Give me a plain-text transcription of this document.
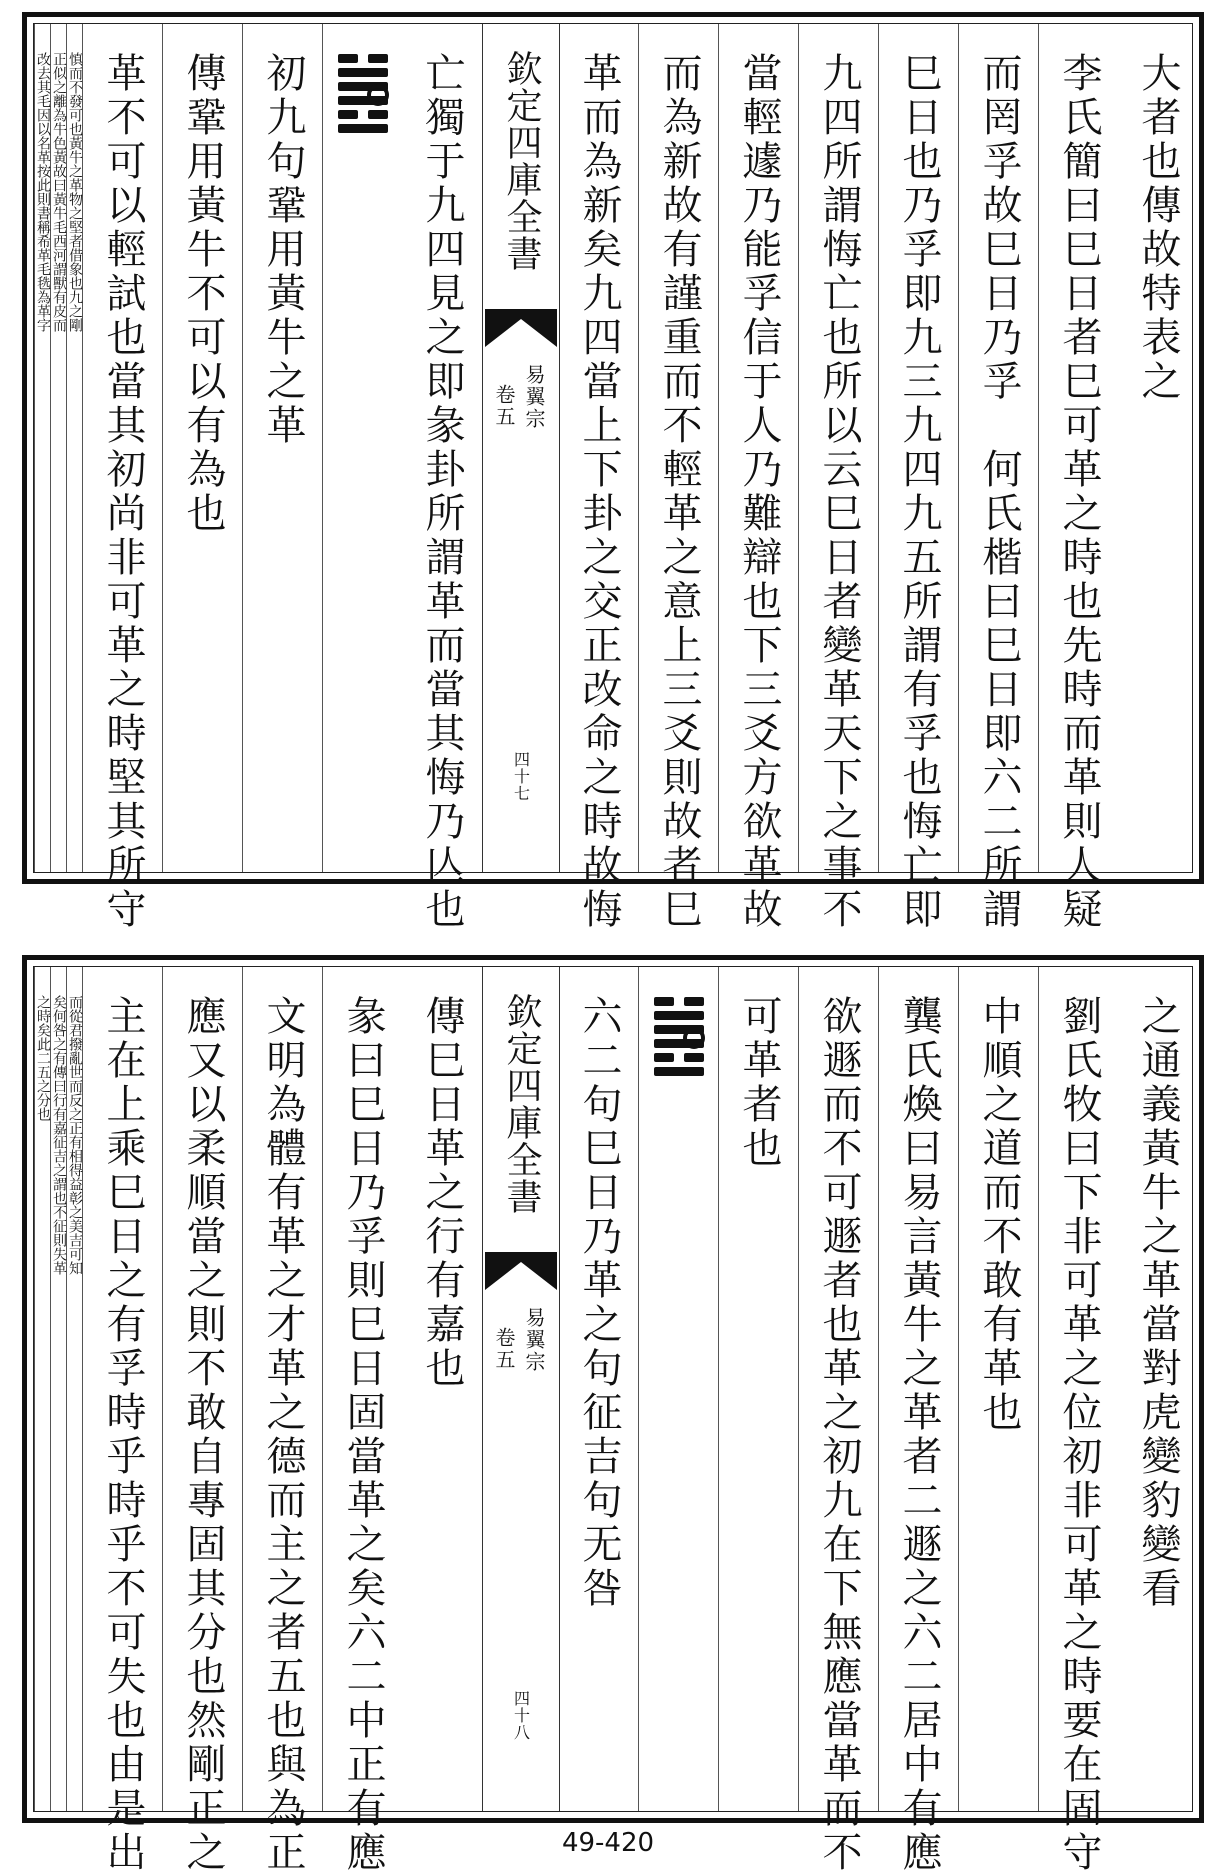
大者也傳故特表之
李氏簡曰巳日者巳可革之時也先時而革則人疑
而罔孚故巳日乃孚　何氏楷曰巳日即六二所謂
巳日也乃孚即九三九四九五所謂有孚也悔亡即
九四所謂悔亡也所以云巳日者變革天下之事不
當輕遽乃能孚信于人乃難辯也下三爻方欲革故
而為新故有謹重而不輕革之意上三爻則故者巳
革而為新矣九四當上下卦之交正改命之時故悔
欽定四庫全書
易翼宗
卷五
四十七
亡獨于九四見之即彖卦所謂革而當其悔乃亾也
初九句鞏用黃牛之革
傳鞏用黃牛不可以有為也
革不可以輕試也當其初尚非可革之時堅其所守
慎而不發可也黃牛之革物之堅者借象也九之剛
正似之離為牛色黃故曰黃牛毛西河謂獸有皮而
改去其毛因以名革按此則書稱希革毛毨為革字
之通義黃牛之革當對虎變豹變看
劉氏牧曰下非可革之位初非可革之時要在固守
中順之道而不敢有革也
龔氏煥曰易言黃牛之革者二遯之六二居中有應
欲遯而不可遯者也革之初九在下無應當革而不
可革者也
六二句巳日乃革之句征吉句无咎
欽定四庫全書
易翼宗
卷五
四十八
傳巳日革之行有嘉也
彖曰巳日乃孚則巳日固當革之矣六二中正有應
文明為體有革之才革之德而主之者五也與為正
應又以柔順當之則不敢自專固其分也然剛正之
主在上乘巳日之有孚時乎時乎不可失也由是出
而從君撥亂世而反之正有相得益彰之美吉可知
矣何咎之有傳曰行有嘉征吉之謂也不征則失革
之時矣此二五之分也
49-420
